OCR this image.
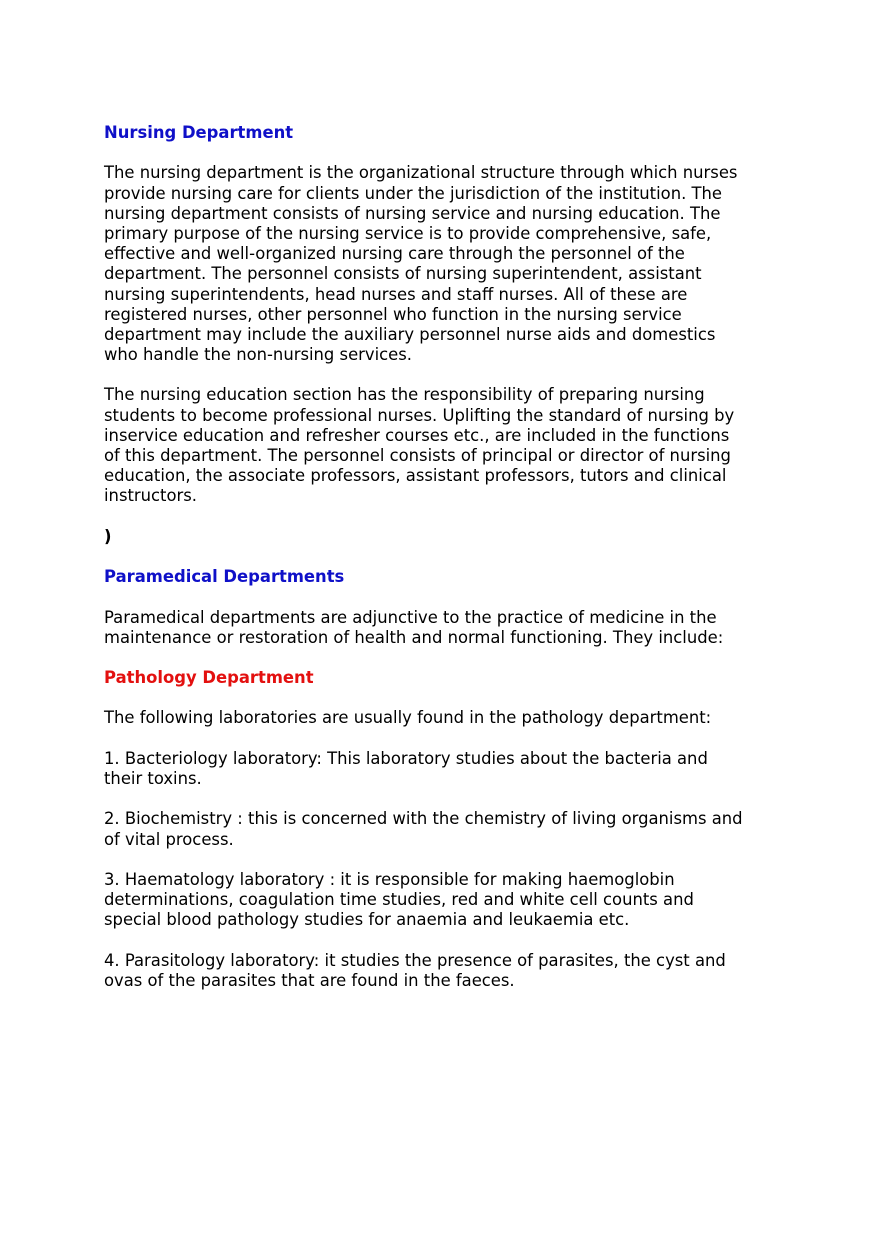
Nursing Department
The nursing department is the organizational structure through which nurses
provide nursing care for clients under the jurisdiction of the institution. The
nursing department consists of nursing service and nursing education. The
primary purpose of the nursing service is to provide comprehensive, safe,
effective and well-organized nursing care through the personnel of the
department. The personnel consists of nursing superintendent, assistant
nursing superintendents, head nurses and staff nurses. All of these are
registered nurses, other personnel who function in the nursing service
department may include the auxiliary personnel nurse aids and domestics
who handle the non-nursing services.
The nursing education section has the responsibility of preparing nursing
students to become professional nurses. Uplifting the standard of nursing by
inservice education and refresher courses etc., are included in the functions
of this department. The personnel consists of principal or director of nursing
education, the associate professors, assistant professors, tutors and clinical
instructors.
)
Paramedical Departments
Paramedical departments are adjunctive to the practice of medicine in the
maintenance or restoration of health and normal functioning. They include:
Pathology Department
The following laboratories are usually found in the pathology department:
1. Bacteriology laboratory: This laboratory studies about the bacteria and
their toxins.
2. Biochemistry : this is concerned with the chemistry of living organisms and
of vital process.
3. Haematology laboratory : it is responsible for making haemoglobin
determinations, coagulation time studies, red and white cell counts and
special blood pathology studies for anaemia and leukaemia etc.
4. Parasitology laboratory: it studies the presence of parasites, the cyst and
ovas of the parasites that are found in the faeces.
